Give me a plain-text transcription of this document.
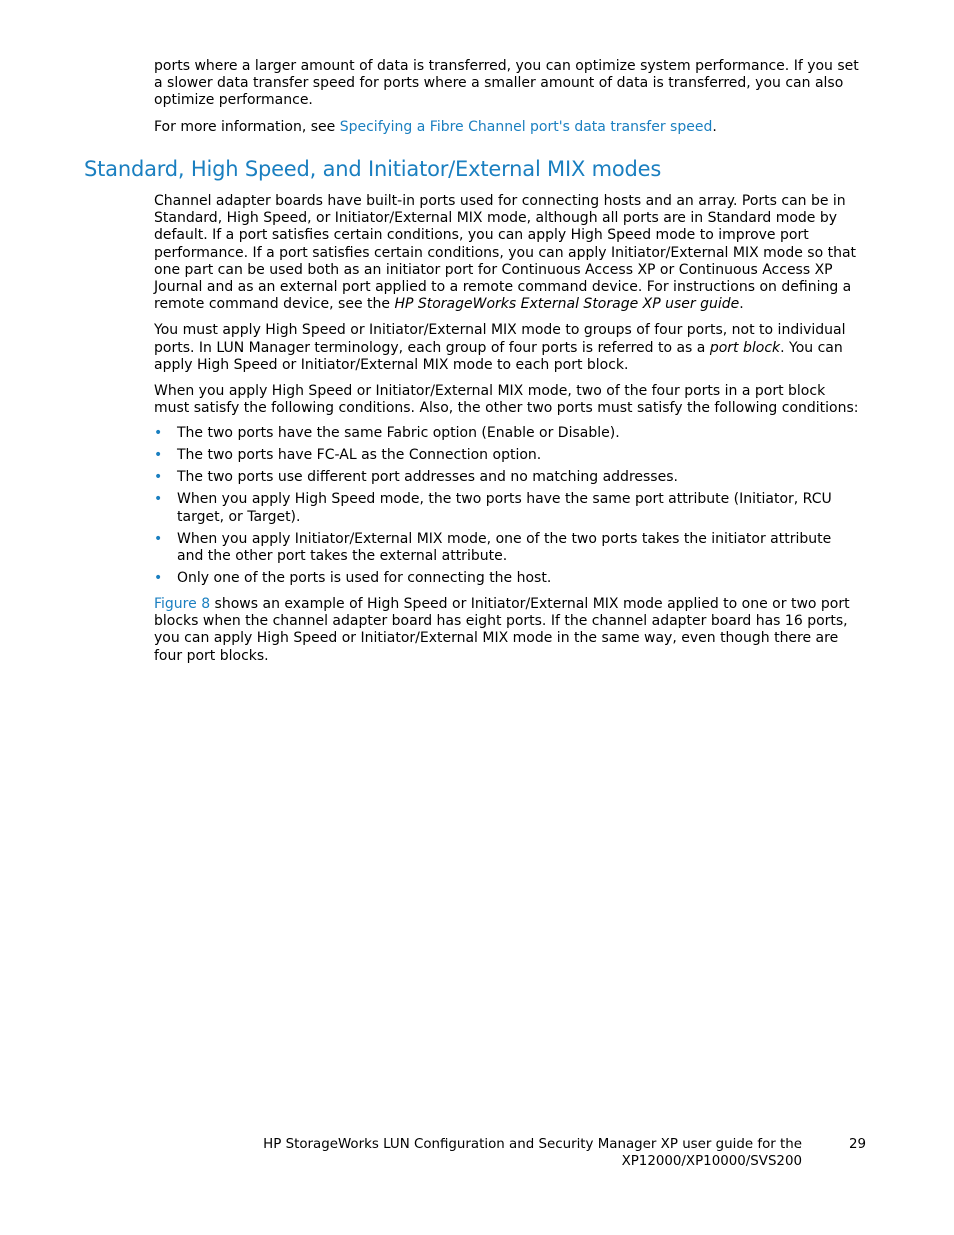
ports where a larger amount of data is transferred, you can optimize system performance. If you set a slower data transfer speed for ports where a smaller amount of data is transferred, you can also optimize performance.

For more information, see Specifying a Fibre Channel port's data transfer speed.

Standard, High Speed, and Initiator/External MIX modes

Channel adapter boards have built-in ports used for connecting hosts and an array. Ports can be in Standard, High Speed, or Initiator/External MIX mode, although all ports are in Standard mode by default. If a port satisfies certain conditions, you can apply High Speed mode to improve port performance. If a port satisfies certain conditions, you can apply Initiator/External MIX mode so that one part can be used both as an initiator port for Continuous Access XP or Continuous Access XP Journal and as an external port applied to a remote command device. For instructions on defining a remote command device, see the HP StorageWorks External Storage XP user guide.

You must apply High Speed or Initiator/External MIX mode to groups of four ports, not to individual ports. In LUN Manager terminology, each group of four ports is referred to as a port block. You can apply High Speed or Initiator/External MIX mode to each port block.

When you apply High Speed or Initiator/External MIX mode, two of the four ports in a port block must satisfy the following conditions. Also, the other two ports must satisfy the following conditions:

• The two ports have the same Fabric option (Enable or Disable).
• The two ports have FC-AL as the Connection option.
• The two ports use different port addresses and no matching addresses.
• When you apply High Speed mode, the two ports have the same port attribute (Initiator, RCU target, or Target).
• When you apply Initiator/External MIX mode, one of the two ports takes the initiator attribute and the other port takes the external attribute.
• Only one of the ports is used for connecting the host.

Figure 8 shows an example of High Speed or Initiator/External MIX mode applied to one or two port blocks when the channel adapter board has eight ports. If the channel adapter board has 16 ports, you can apply High Speed or Initiator/External MIX mode in the same way, even though there are four port blocks.

HP StorageWorks LUN Configuration and Security Manager XP user guide for the
XP12000/XP10000/SVS200
29
